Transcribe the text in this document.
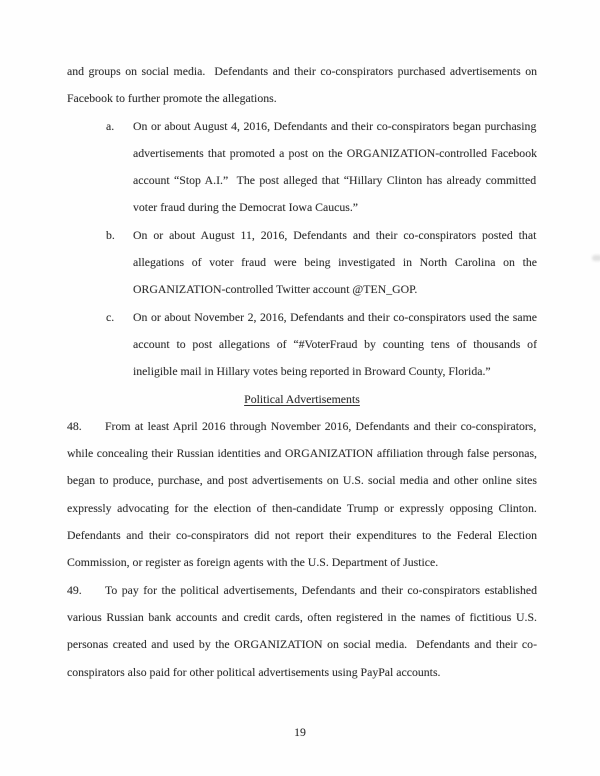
and groups on social media.  Defendants and their co-conspirators purchased advertisements on
Facebook to further promote the allegations.
a. On or about August 4, 2016, Defendants and their co-conspirators began purchasing
advertisements that promoted a post on the ORGANIZATION-controlled Facebook
account “Stop A.I.”  The post alleged that “Hillary Clinton has already committed
voter fraud during the Democrat Iowa Caucus.”
b. On or about August 11, 2016, Defendants and their co-conspirators posted that
allegations of voter fraud were being investigated in North Carolina on the
ORGANIZATION-controlled Twitter account @TEN_GOP.
c. On or about November 2, 2016, Defendants and their co-conspirators used the same
account to post allegations of “#VoterFraud by counting tens of thousands of
ineligible mail in Hillary votes being reported in Broward County, Florida.”
Political Advertisements
48.	From at least April 2016 through November 2016, Defendants and their co-conspirators,
while concealing their Russian identities and ORGANIZATION affiliation through false personas,
began to produce, purchase, and post advertisements on U.S. social media and other online sites
expressly advocating for the election of then-candidate Trump or expressly opposing Clinton.
Defendants and their co-conspirators did not report their expenditures to the Federal Election
Commission, or register as foreign agents with the U.S. Department of Justice.
49.	To pay for the political advertisements, Defendants and their co-conspirators established
various Russian bank accounts and credit cards, often registered in the names of fictitious U.S.
personas created and used by the ORGANIZATION on social media.  Defendants and their co-
conspirators also paid for other political advertisements using PayPal accounts.
19
